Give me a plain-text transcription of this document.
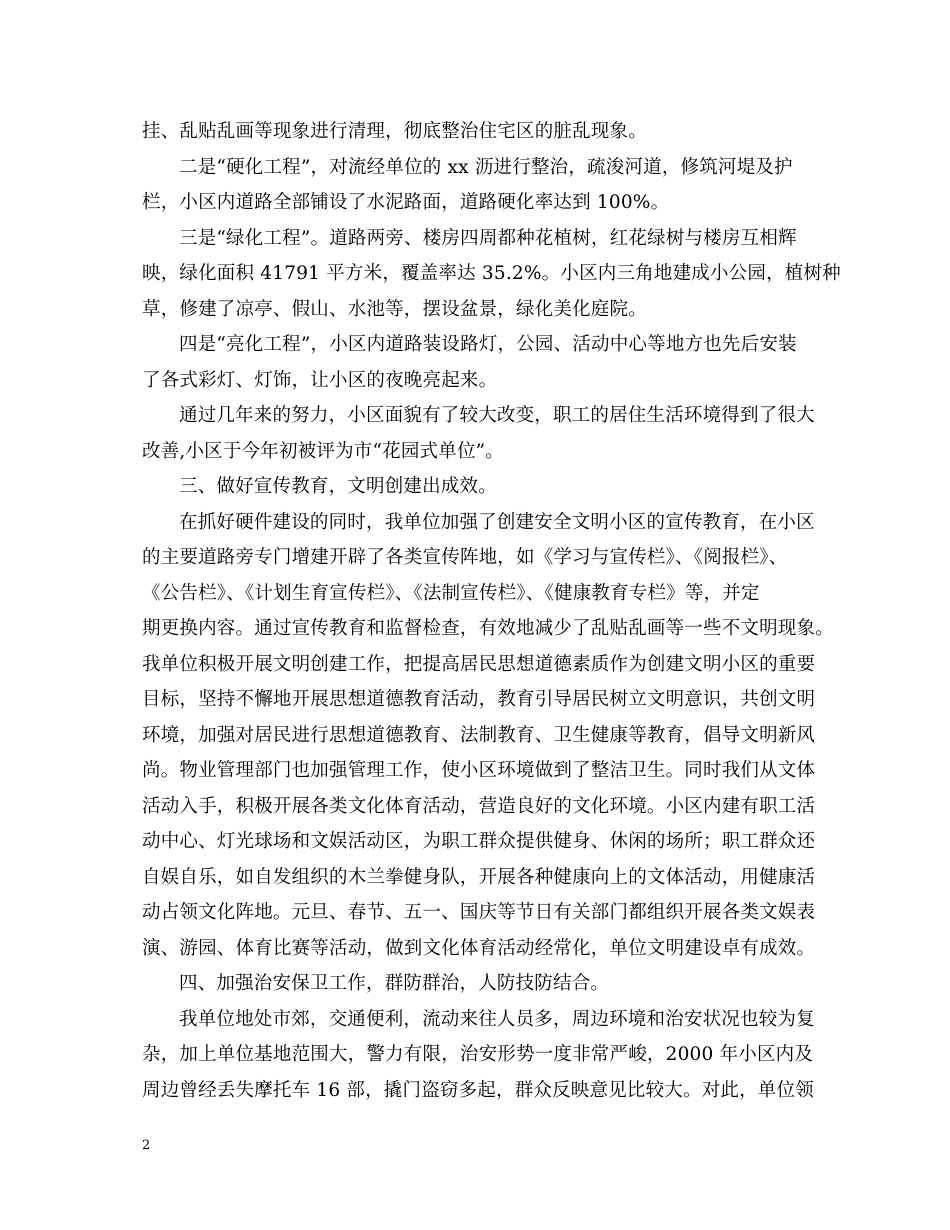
挂、乱贴乱画等现象进行清理，彻底整治住宅区的脏乱现象。
二是“硬化工程”，对流经单位的 xx 沥进行整治，疏浚河道，修筑河堤及护
栏，小区内道路全部铺设了水泥路面，道路硬化率达到 100%。
三是“绿化工程”。道路两旁、楼房四周都种花植树，红花绿树与楼房互相辉
映，绿化面积 41791 平方米，覆盖率达 35.2%。小区内三角地建成小公园，植树种
草，修建了凉亭、假山、水池等，摆设盆景，绿化美化庭院。
四是“亮化工程”，小区内道路装设路灯，公园、活动中心等地方也先后安装
了各式彩灯、灯饰，让小区的夜晚亮起来。
通过几年来的努力，小区面貌有了较大改变，职工的居住生活环境得到了很大
改善,小区于今年初被评为市“花园式单位”。
三、做好宣传教育，文明创建出成效。
在抓好硬件建设的同时，我单位加强了创建安全文明小区的宣传教育，在小区
的主要道路旁专门增建开辟了各类宣传阵地，如《学习与宣传栏》、《阅报栏》、
《公告栏》、《计划生育宣传栏》、《法制宣传栏》、《健康教育专栏》等，并定
期更换内容。通过宣传教育和监督检查，有效地减少了乱贴乱画等一些不文明现象。
我单位积极开展文明创建工作，把提高居民思想道德素质作为创建文明小区的重要
目标，坚持不懈地开展思想道德教育活动，教育引导居民树立文明意识，共创文明
环境，加强对居民进行思想道德教育、法制教育、卫生健康等教育，倡导文明新风
尚。物业管理部门也加强管理工作，使小区环境做到了整洁卫生。同时我们从文体
活动入手，积极开展各类文化体育活动，营造良好的文化环境。小区内建有职工活
动中心、灯光球场和文娱活动区，为职工群众提供健身、休闲的场所；职工群众还
自娱自乐，如自发组织的木兰拳健身队，开展各种健康向上的文体活动，用健康活
动占领文化阵地。元旦、春节、五一、国庆等节日有关部门都组织开展各类文娱表
演、游园、体育比赛等活动，做到文化体育活动经常化，单位文明建设卓有成效。
四、加强治安保卫工作，群防群治，人防技防结合。
我单位地处市郊，交通便利，流动来往人员多，周边环境和治安状况也较为复
杂，加上单位基地范围大，警力有限，治安形势一度非常严峻，2000 年小区内及
周边曾经丢失摩托车 16 部，撬门盗窃多起，群众反映意见比较大。对此，单位领
2
